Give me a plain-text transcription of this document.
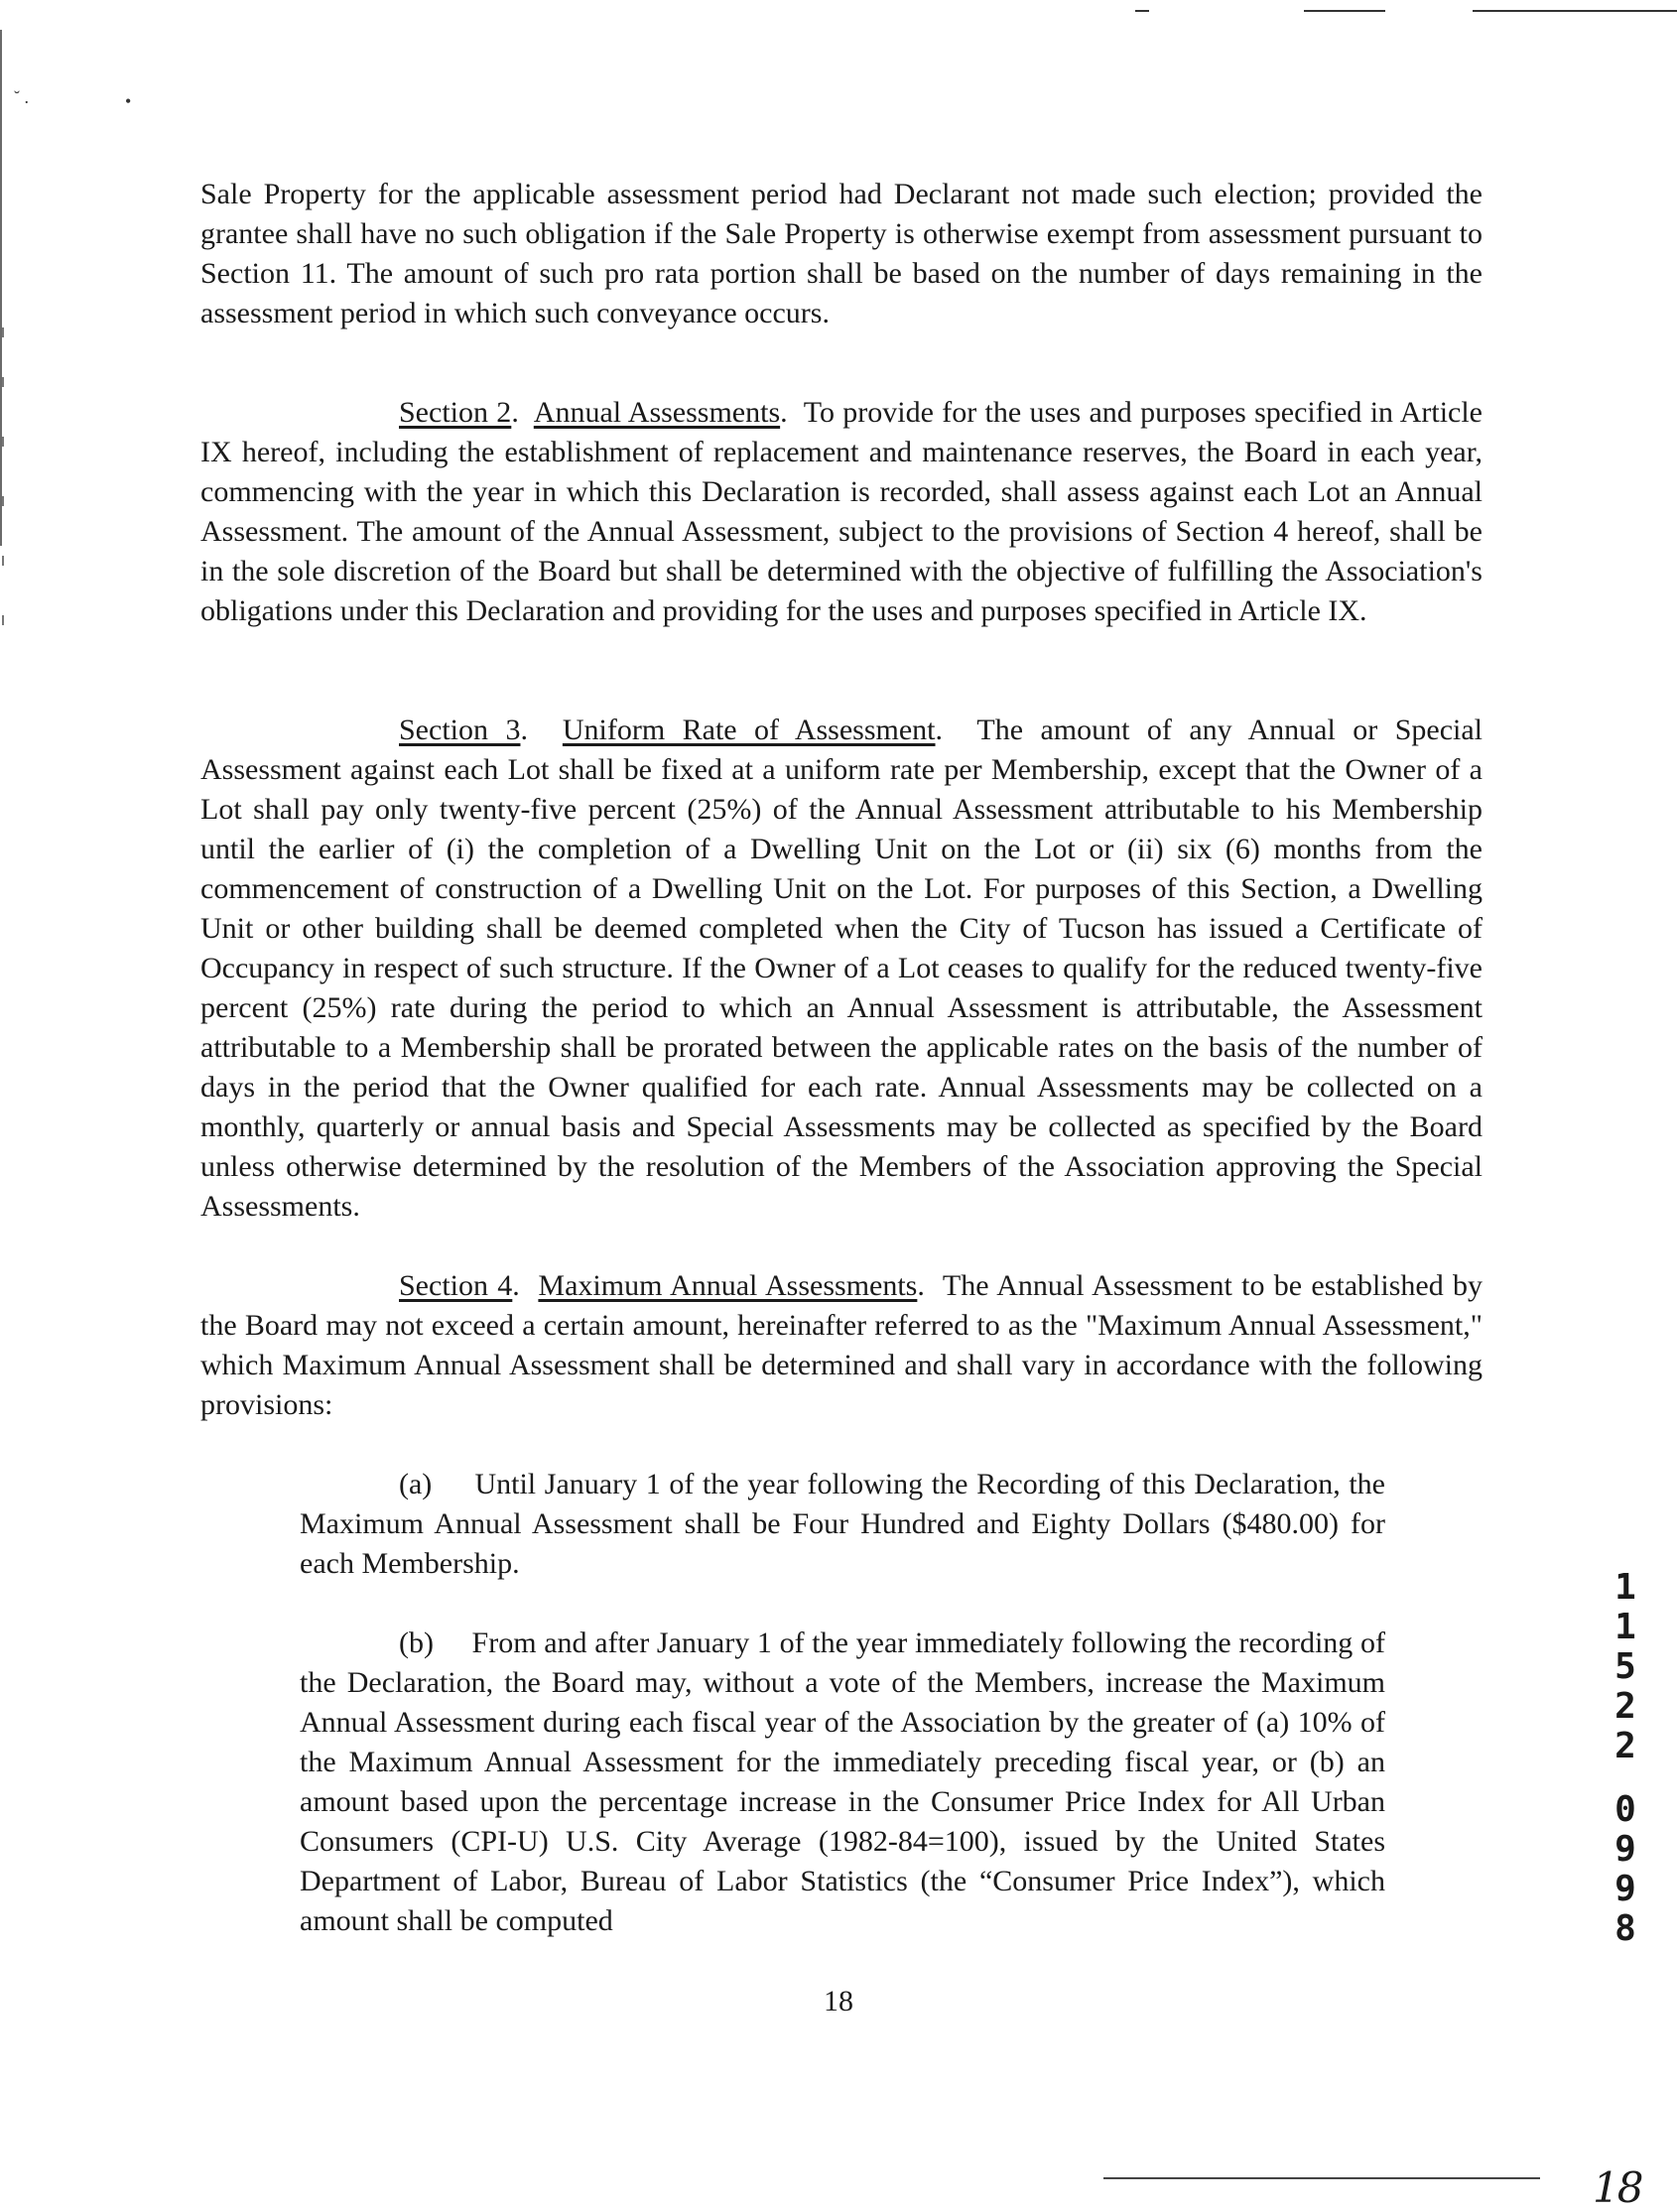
˘ .	•

Sale Property for the applicable assessment period had Declarant not made such election; provided the grantee shall have no such obligation if the Sale Property is otherwise exempt from assessment pursuant to Section 11. The amount of such pro rata portion shall be based on the number of days remaining in the assessment period in which such conveyance occurs.

Section 2.  Annual Assessments.  To provide for the uses and purposes specified in Article IX hereof, including the establishment of replacement and maintenance reserves, the Board in each year, commencing with the year in which this Declaration is recorded, shall assess against each Lot an Annual Assessment. The amount of the Annual Assessment, subject to the provisions of Section 4 hereof, shall be in the sole discretion of the Board but shall be determined with the objective of fulfilling the Association's obligations under this Declaration and providing for the uses and purposes specified in Article IX.

Section 3.  Uniform Rate of Assessment.  The amount of any Annual or Special Assessment against each Lot shall be fixed at a uniform rate per Membership, except that the Owner of a Lot shall pay only twenty-five percent (25%) of the Annual Assessment attributable to his Membership until the earlier of (i) the completion of a Dwelling Unit on the Lot or (ii) six (6) months from the commencement of construction of a Dwelling Unit on the Lot. For purposes of this Section, a Dwelling Unit or other building shall be deemed completed when the City of Tucson has issued a Certificate of Occupancy in respect of such structure. If the Owner of a Lot ceases to qualify for the reduced twenty-five percent (25%) rate during the period to which an Annual Assessment is attributable, the Assessment attributable to a Membership shall be prorated between the applicable rates on the basis of the number of days in the period that the Owner qualified for each rate. Annual Assessments may be collected on a monthly, quarterly or annual basis and Special Assessments may be collected as specified by the Board unless otherwise determined by the resolution of the Members of the Association approving the Special Assessments.

Section 4.  Maximum Annual Assessments.  The Annual Assessment to be established by the Board may not exceed a certain amount, hereinafter referred to as the "Maximum Annual Assessment," which Maximum Annual Assessment shall be determined and shall vary in accordance with the following provisions:

(a) Until January 1 of the year following the Recording of this Declaration, the Maximum Annual Assessment shall be Four Hundred and Eighty Dollars ($480.00) for each Membership.

(b) From and after January 1 of the year immediately following the recording of the Declaration, the Board may, without a vote of the Members, increase the Maximum Annual Assessment during each fiscal year of the Association by the greater of (a) 10% of the Maximum Annual Assessment for the immediately preceding fiscal year, or (b) an amount based upon the percentage increase in the Consumer Price Index for All Urban Consumers (CPI-U) U.S. City Average (1982-84=100), issued by the United States Department of Labor, Bureau of Labor Statistics (the “Consumer Price Index”), which amount shall be computed

18
1
1
5
2
2
0
9
9
8
18
